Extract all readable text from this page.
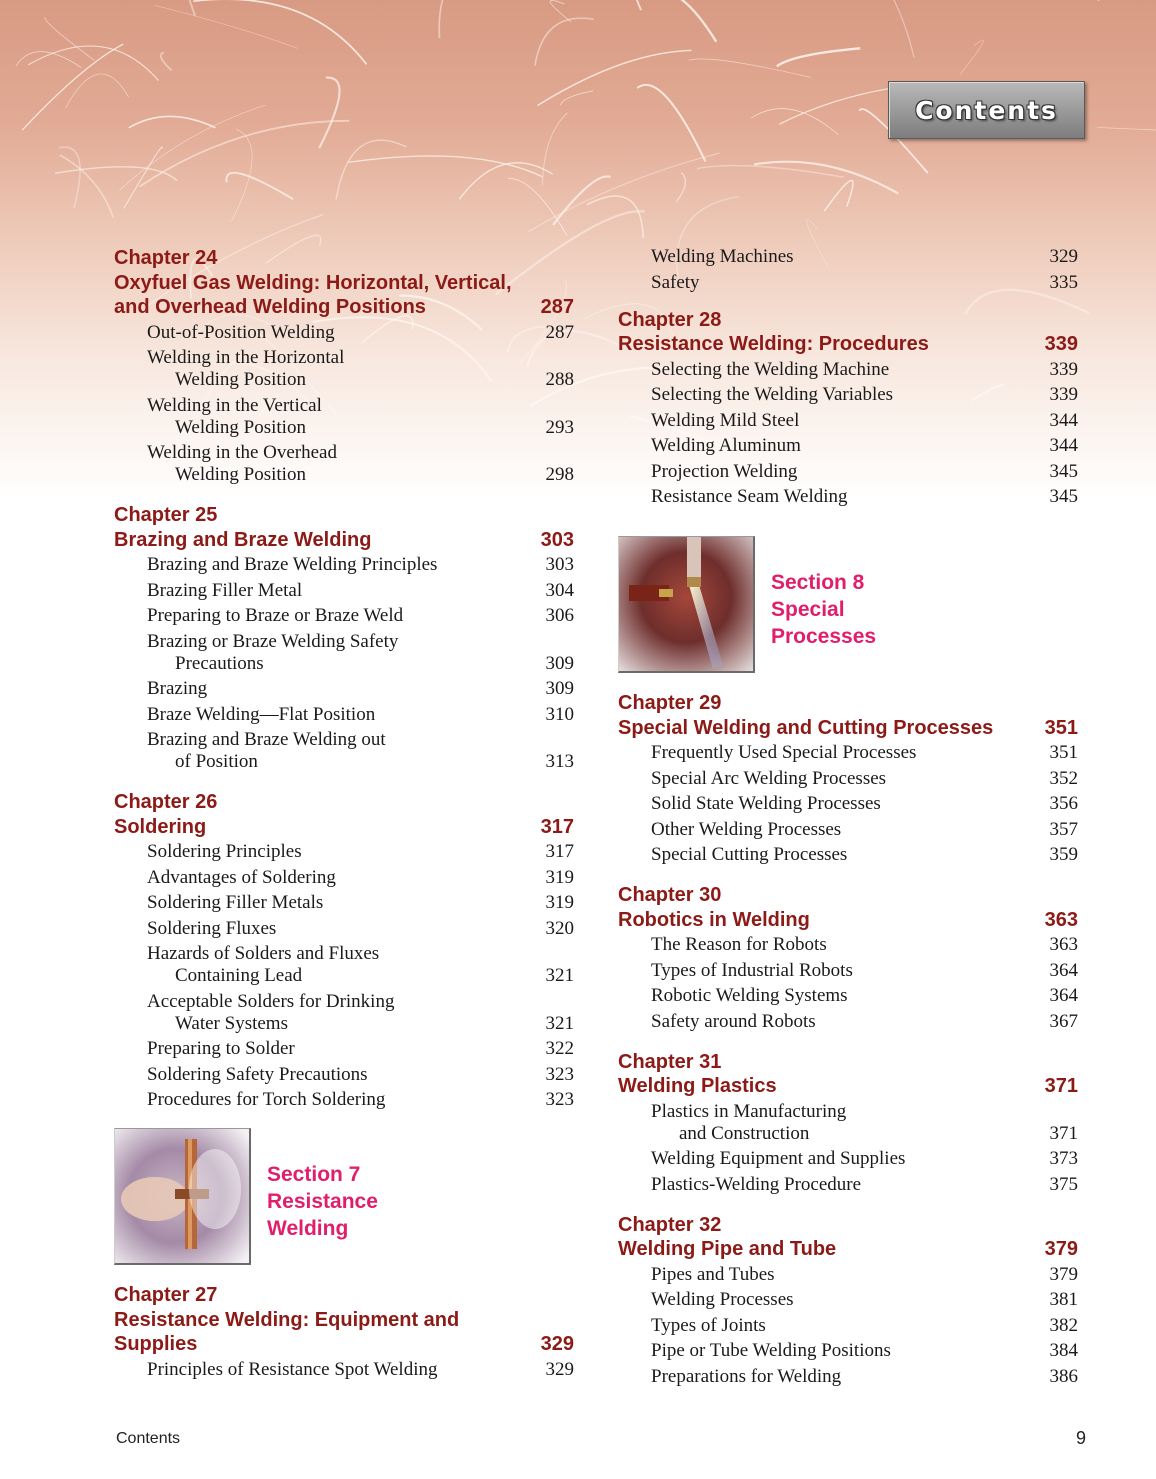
Contents
Chapter 24
Oxyfuel Gas Welding: Horizontal, Vertical, and Overhead Welding Positions	287
Out-of-Position Welding	287
Welding in the Horizontal
Welding Position	288
Welding in the Vertical
Welding Position	293
Welding in the Overhead
Welding Position	298
Chapter 25
Brazing and Braze Welding	303
Brazing and Braze Welding Principles	303
Brazing Filler Metal	304
Preparing to Braze or Braze Weld	306
Brazing or Braze Welding Safety
Precautions	309
Brazing	309
Braze Welding—Flat Position	310
Brazing and Braze Welding out
of Position	313
Chapter 26
Soldering	317
Soldering Principles	317
Advantages of Soldering	319
Soldering Filler Metals	319
Soldering Fluxes	320
Hazards of Solders and Fluxes
Containing Lead	321
Acceptable Solders for Drinking
Water Systems	321
Preparing to Solder	322
Soldering Safety Precautions	323
Procedures for Torch Soldering	323
Section 7
Resistance
Welding
Chapter 27
Resistance Welding: Equipment and Supplies	329
Principles of Resistance Spot Welding	329
Welding Machines	329
Safety	335
Chapter 28
Resistance Welding: Procedures	339
Selecting the Welding Machine	339
Selecting the Welding Variables	339
Welding Mild Steel	344
Welding Aluminum	344
Projection Welding	345
Resistance Seam Welding	345
Section 8
Special
Processes
Chapter 29
Special Welding and Cutting Processes	351
Frequently Used Special Processes	351
Special Arc Welding Processes	352
Solid State Welding Processes	356
Other Welding Processes	357
Special Cutting Processes	359
Chapter 30
Robotics in Welding	363
The Reason for Robots	363
Types of Industrial Robots	364
Robotic Welding Systems	364
Safety around Robots	367
Chapter 31
Welding Plastics	371
Plastics in Manufacturing
and Construction	371
Welding Equipment and Supplies	373
Plastics-Welding Procedure	375
Chapter 32
Welding Pipe and Tube	379
Pipes and Tubes	379
Welding Processes	381
Types of Joints	382
Pipe or Tube Welding Positions	384
Preparations for Welding	386
Contents	9
